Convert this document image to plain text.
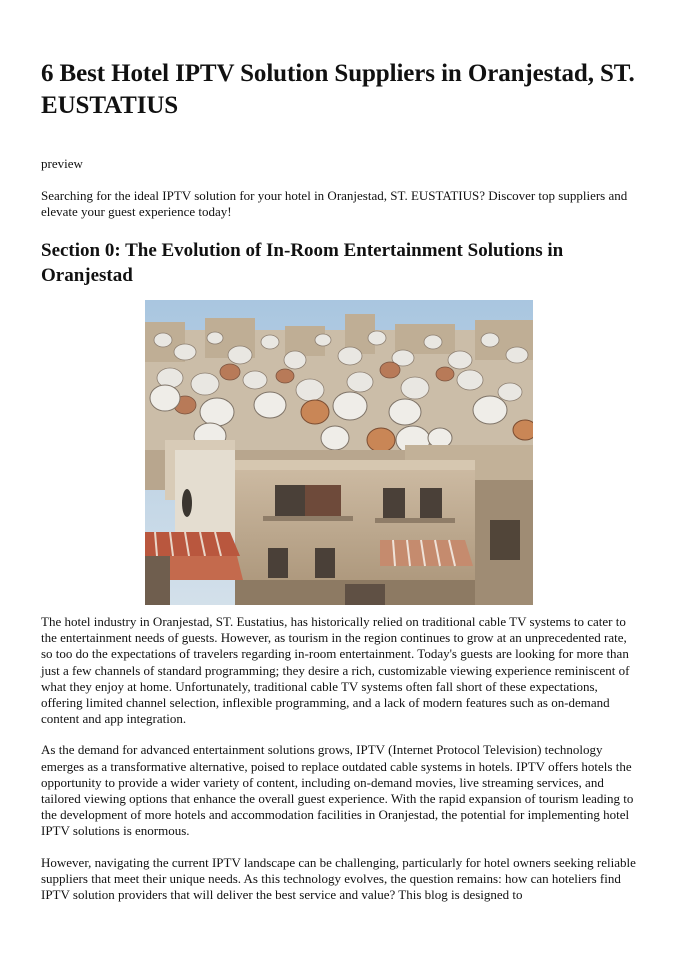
6 Best Hotel IPTV Solution Suppliers in Oranjestad, ST. EUSTATIUS
preview

Searching for the ideal IPTV solution for your hotel in Oranjestad, ST. EUSTATIUS? Discover top suppliers and elevate your guest experience today!

Section 0: The Evolution of In-Room Entertainment Solutions in Oranjestad

The hotel industry in Oranjestad, ST. Eustatius, has historically relied on traditional cable TV systems to cater to the entertainment needs of guests. However, as tourism in the region continues to grow at an unprecedented rate, so too do the expectations of travelers regarding in-room entertainment. Today's guests are looking for more than just a few channels of standard programming; they desire a rich, customizable viewing experience reminiscent of what they enjoy at home. Unfortunately, traditional cable TV systems often fall short of these expectations, offering limited channel selection, inflexible programming, and a lack of modern features such as on-demand content and app integration.

As the demand for advanced entertainment solutions grows, IPTV (Internet Protocol Television) technology emerges as a transformative alternative, poised to replace outdated cable systems in hotels. IPTV offers hotels the opportunity to provide a wider variety of content, including on-demand movies, live streaming services, and tailored viewing options that enhance the overall guest experience. With the rapid expansion of tourism leading to the development of more hotels and accommodation facilities in Oranjestad, the potential for implementing hotel IPTV solutions is enormous.

However, navigating the current IPTV landscape can be challenging, particularly for hotel owners seeking reliable suppliers that meet their unique needs. As this technology evolves, the question remains: how can hoteliers find IPTV solution providers that will deliver the best service and value? This blog is designed to
